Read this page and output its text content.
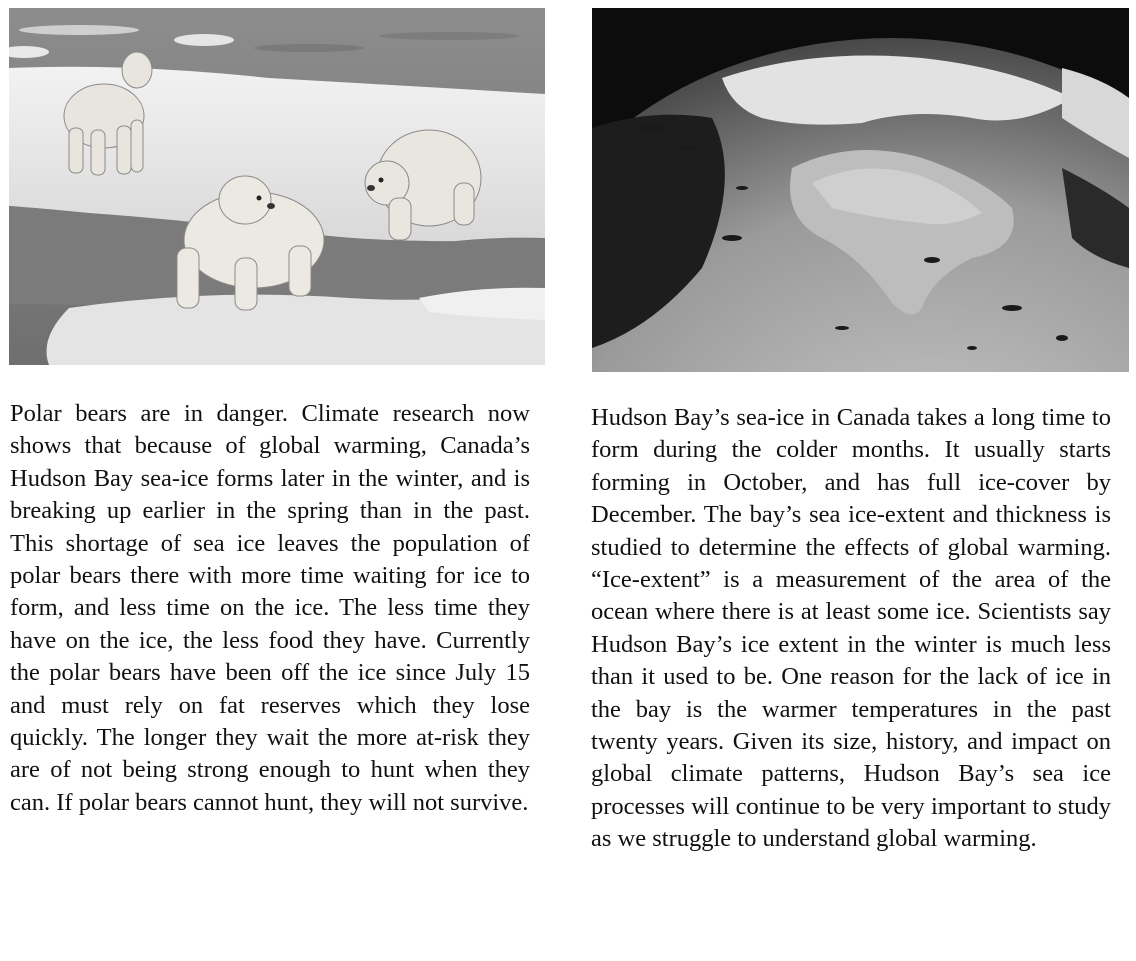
Polar bears are in danger. Climate research now shows that because of global warming, Canada’s Hudson Bay sea-ice forms later in the winter, and is breaking up earlier in the spring than in the past. This shortage of sea ice leaves the population of polar bears there with more time waiting for ice to form, and less time on the ice. The less time they have on the ice, the less food they have. Currently the polar bears have been off the ice since July 15 and must rely on fat reserves which they lose quickly. The longer they wait the more at-risk they are of not being strong enough to hunt when they can. If polar bears cannot hunt, they will not survive.

Hudson Bay’s sea-ice in Canada takes a long time to form during the colder months. It usually starts forming in October, and has full ice-cover by December. The bay’s sea ice-extent and thickness is studied to determine the effects of global warming. “Ice-extent” is a measurement of the area of the ocean where there is at least some ice. Scientists say Hudson Bay’s ice extent in the winter is much less than it used to be. One reason for the lack of ice in the bay is the warmer temperatures in the past twenty years. Given its size, history, and impact on global climate patterns, Hudson Bay’s sea ice processes will continue to be very important to study as we struggle to understand global warming.
